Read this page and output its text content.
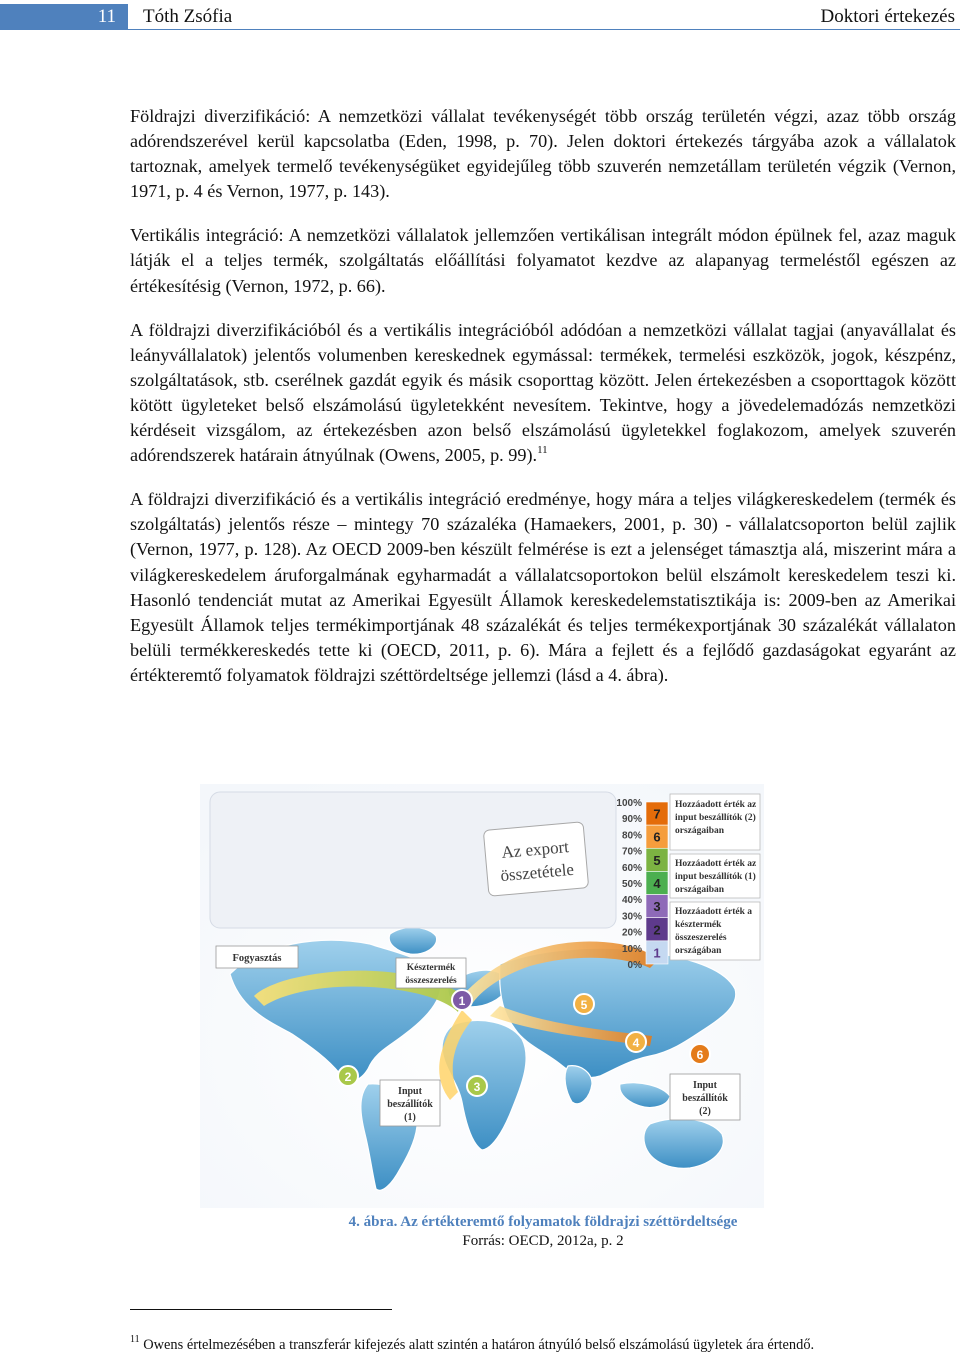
11	Tóth Zsófia	Doktori értekezés

Földrajzi diverzifikáció: A nemzetközi vállalat tevékenységét több ország területén végzi, azaz több ország adórendszerével kerül kapcsolatba (Eden, 1998, p. 70). Jelen doktori értekezés tárgyába azok a vállalatok tartoznak, amelyek termelő tevékenységüket egyidejűleg több szuverén nemzetállam területén végzik (Vernon, 1971, p. 4 és Vernon, 1977, p. 143).

Vertikális integráció: A nemzetközi vállalatok jellemzően vertikálisan integrált módon épülnek fel, azaz maguk látják el a teljes termék, szolgáltatás előállítási folyamatot kezdve az alapanyag termeléstől egészen az értékesítésig (Vernon, 1972, p. 66).

A földrajzi diverzifikációból és a vertikális integrációból adódóan a nemzetközi vállalat tagjai (anyavállalat és leányvállalatok) jelentős volumenben kereskednek egymással: termékek, termelési eszközök, jogok, készpénz, szolgáltatások, stb. cserélnek gazdát egyik és másik csoporttag között. Jelen értekezésben a csoporttagok között kötött ügyleteket belső elszámolású ügyletekként nevesítem. Tekintve, hogy a jövedelemadózás nemzetközi kérdéseit vizsgálom, az értekezésben azon belső elszámolású ügyletekkel foglakozom, amelyek szuverén adórendszerek határain átnyúlnak (Owens, 2005, p. 99).$^{11}$

A földrajzi diverzifikáció és a vertikális integráció eredménye, hogy mára a teljes világkereskedelem (termék és szolgáltatás) jelentős része – mintegy 70 százaléka (Hamaekers, 2001, p. 30) - vállalatcsoporton belül zajlik (Vernon, 1977, p. 128). Az OECD 2009-ben készült felmérése is ezt a jelenséget támasztja alá, miszerint mára a világkereskedelem áruforgalmának egyharmadát a vállalatcsoportokon belül elszámolt kereskedelem teszi ki. Hasonló tendenciát mutat az Amerikai Egyesült Államok kereskedelemstatisztikája is: 2009-ben az Amerikai Egyesült Államok teljes termékimportjának 48 százalékát és teljes termékexportjának 30 százalékát vállalaton belüli termékkereskedés tette ki (OECD, 2011, p. 6). Mára a fejlett és a fejlődő gazdaságokat egyaránt az értékteremtő folyamatok földrajzi széttördeltsége jellemzi (lásd a 4. ábra).

Az export
összetétele
100%
90%
80%
70%
60%
50%
40%
30%
20%
10%
0%
7
6
5
4
3
2
1
Hozzáadott érték az
input beszállítók (2)
országaiban
Hozzáadott érték az
input beszállítók (1)
országaiban
Hozzáadott érték a
késztermék
összeszerelés
országában
Fogyasztás
Késztermék
összeszerelés
Input
beszállítók
(1)
Input
beszállítók
(2)
1
2
3
4
5
6
4. ábra. Az értékteremtő folyamatok földrajzi széttördeltsége
Forrás: OECD, 2012a, p. 2
$^{11}$ Owens értelmezésében a transzferár kifejezés alatt szintén a határon átnyúló belső elszámolású ügyletek ára értendő.
